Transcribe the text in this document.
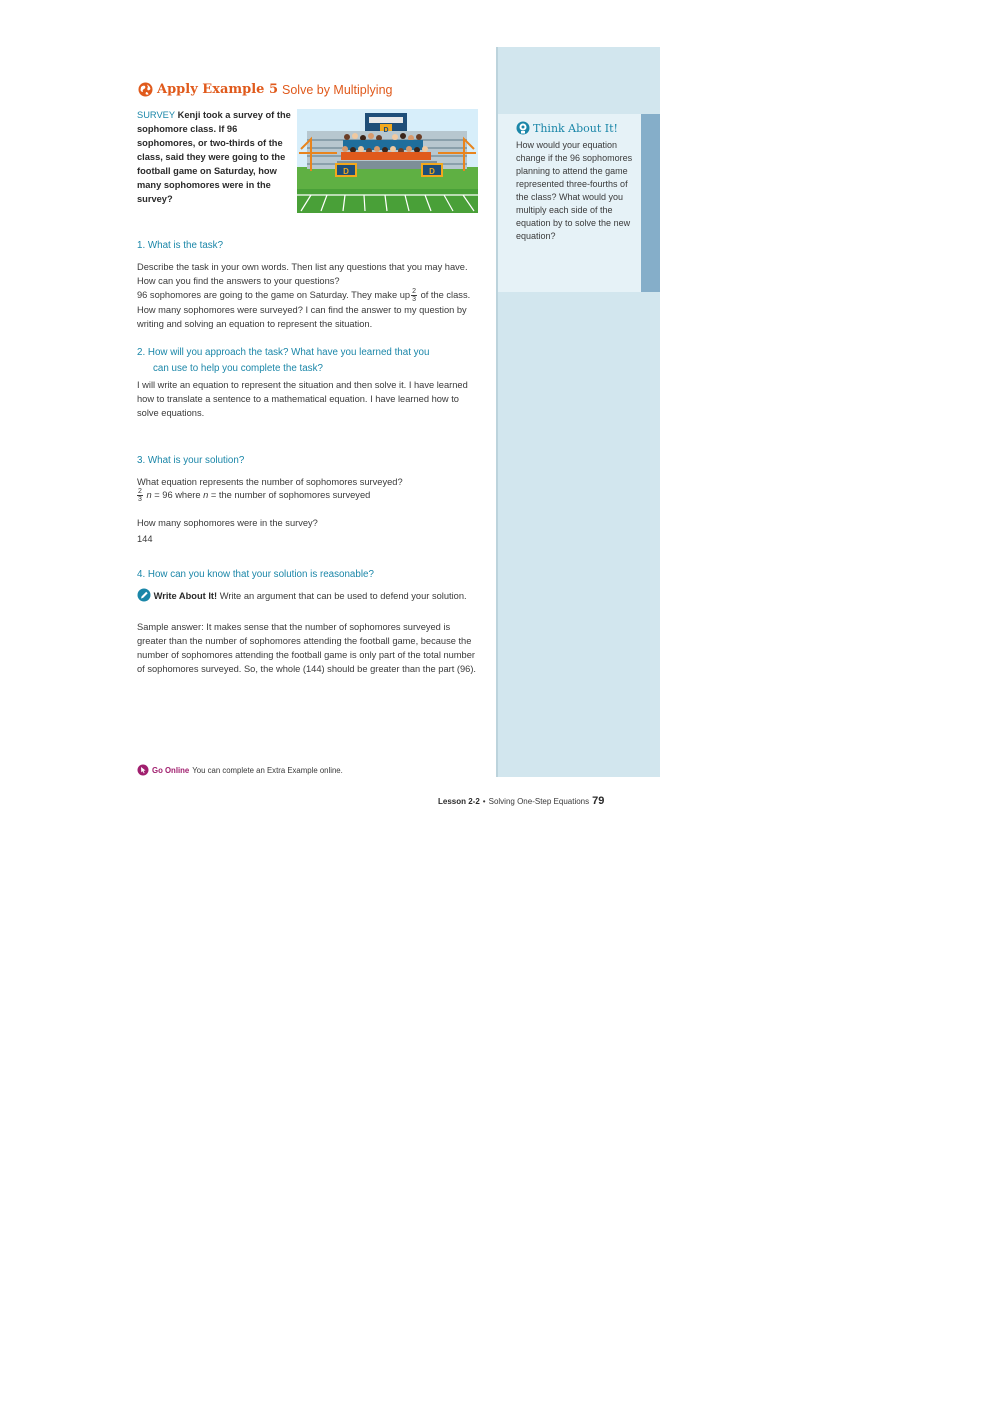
Think About It!

How would your equation change if the 96 sophomores planning to attend the game represented three-fourths of the class? What would you multiply each side of the equation by to solve the new equation?

Apply Example 5 Solve by Multiplying

SURVEY Kenji took a survey of the sophomore class. If 96 sophomores, or two-thirds of the class, said they were going to the football game on Saturday, how many sophomores were in the survey?

D	D
D

1. What is the task?

Describe the task in your own words. Then list any questions that you may have. How can you find the answers to your questions?

96 sophomores are going to the game on Saturday. They make up $\frac{2}{3}$ of the class. How many sophomores were surveyed? I can find the answer to my question by writing and solving an equation to represent the situation.

2. How will you approach the task? What have you learned that you
can use to help you complete the task?

I will write an equation to represent the situation and then solve it. I have learned how to translate a sentence to a mathematical equation. I have learned how to solve equations.

3. What is your solution?

What equation represents the number of sophomores surveyed?

$\frac{2}{3}$ n = 96 where n = the number of sophomores surveyed

How many sophomores were in the survey?

144

4. How can you know that your solution is reasonable?

Write About It! Write an argument that can be used to defend your solution.

Sample answer: It makes sense that the number of sophomores surveyed is greater than the number of sophomores attending the football game, because the number of sophomores attending the football game is only part of the total number of sophomores surveyed. So, the whole (144) should be greater than the part (96).

Go Online You can complete an Extra Example online.
Lesson 2-2 • Solving One-Step Equations 79
